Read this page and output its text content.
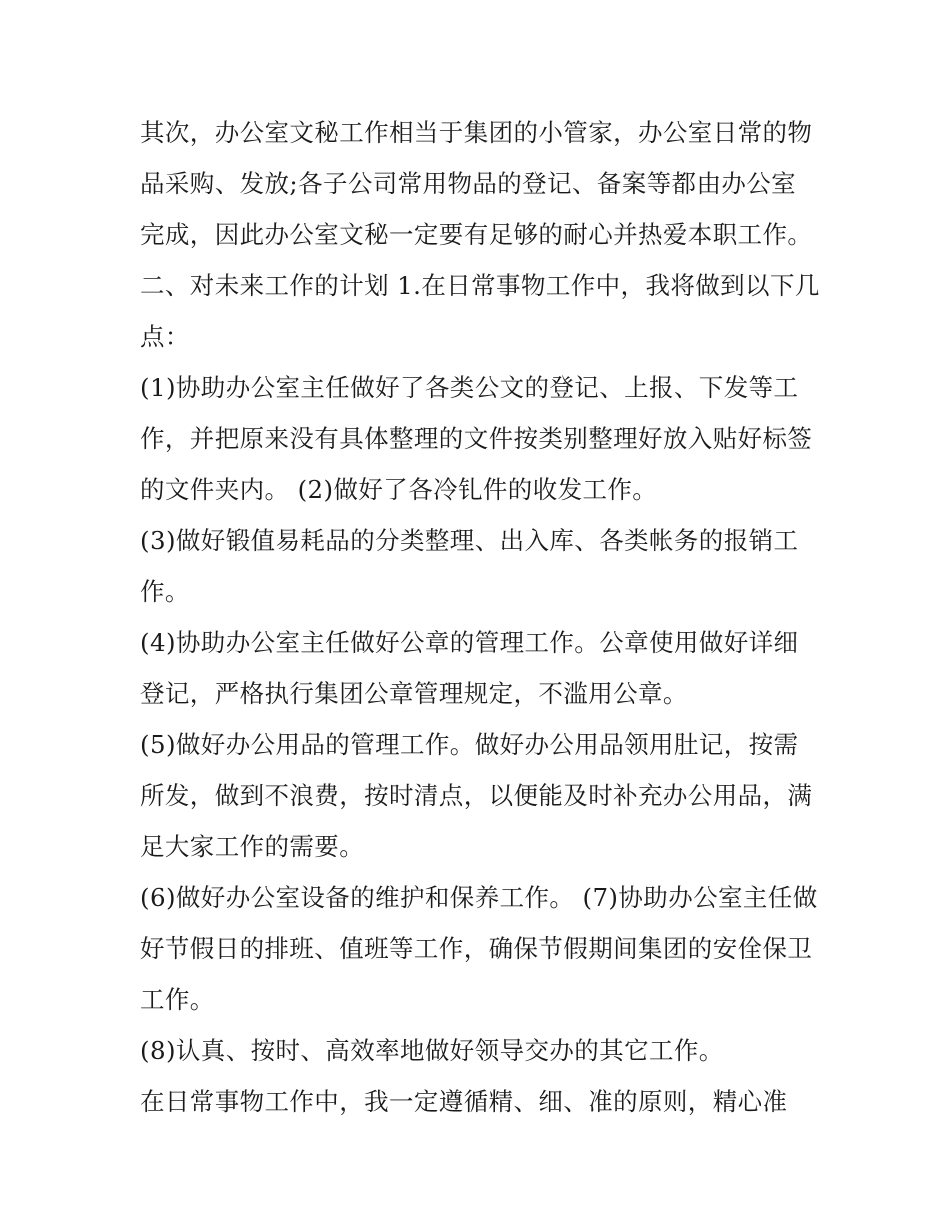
其次，办公室文秘工作相当于集团的小管家，办公室日常的物
品采购、发放;各子公司常用物品的登记、备案等都由办公室
完成，因此办公室文秘一定要有足够的耐心并热爱本职工作。
二、对未来工作的计划 1.在日常事物工作中，我将做到以下几
点：
(1)协助办公室主任做好了各类公文的登记、上报、下发等工
作，并把原来没有具体整理的文件按类别整理好放入贴好标签
的文件夹内。 (2)做好了各冷钆件的收发工作。
(3)做好锻值易耗品的分类整理、出入库、各类帐务的报销工
作。
(4)协助办公室主任做好公章的管理工作。公章使用做好详细
登记，严格执行集团公章管理规定，不滥用公章。
(5)做好办公用品的管理工作。做好办公用品领用肚记，按需
所发，做到不浪费，按时清点，以便能及时补充办公用品，满
足大家工作的需要。
(6)做好办公室设备的维护和保养工作。 (7)协助办公室主任做
好节假日的排班、值班等工作，确保节假期间集团的安佺保卫
工作。
(8)认真、按时、高效率地做好领导交办的其它工作。
在日常事物工作中，我一定遵循精、细、准的原则，精心准
